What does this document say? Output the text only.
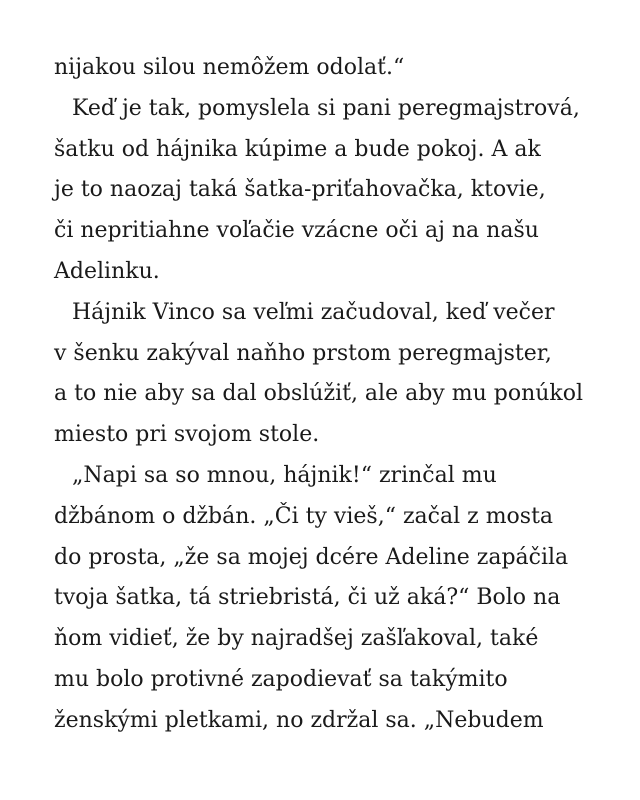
nijakou silou nemôžem odolať.“
Keď je tak, pomyslela si pani peregmajstrová,
šatku od hájnika kúpime a bude pokoj. A ak
je to naozaj taká šatka-priťahovačka, ktovie,
či nepritiahne voľačie vzácne oči aj na našu
Adelinku.
Hájnik Vinco sa veľmi začudoval, keď večer
v šenku zakýval naňho prstom peregmajster,
a to nie aby sa dal obslúžiť, ale aby mu ponúkol
miesto pri svojom stole.
„Napi sa so mnou, hájnik!“ zrinčal mu
džbánom o džbán. „Či ty vieš,“ začal z mosta
do prosta, „že sa mojej dcére Adeline zapáčila
tvoja šatka, tá striebristá, či už aká?“ Bolo na
ňom vidieť, že by najradšej zašľakoval, také
mu bolo protivné zapodievať sa takýmito
ženskými pletkami, no zdržal sa. „Nebudem
